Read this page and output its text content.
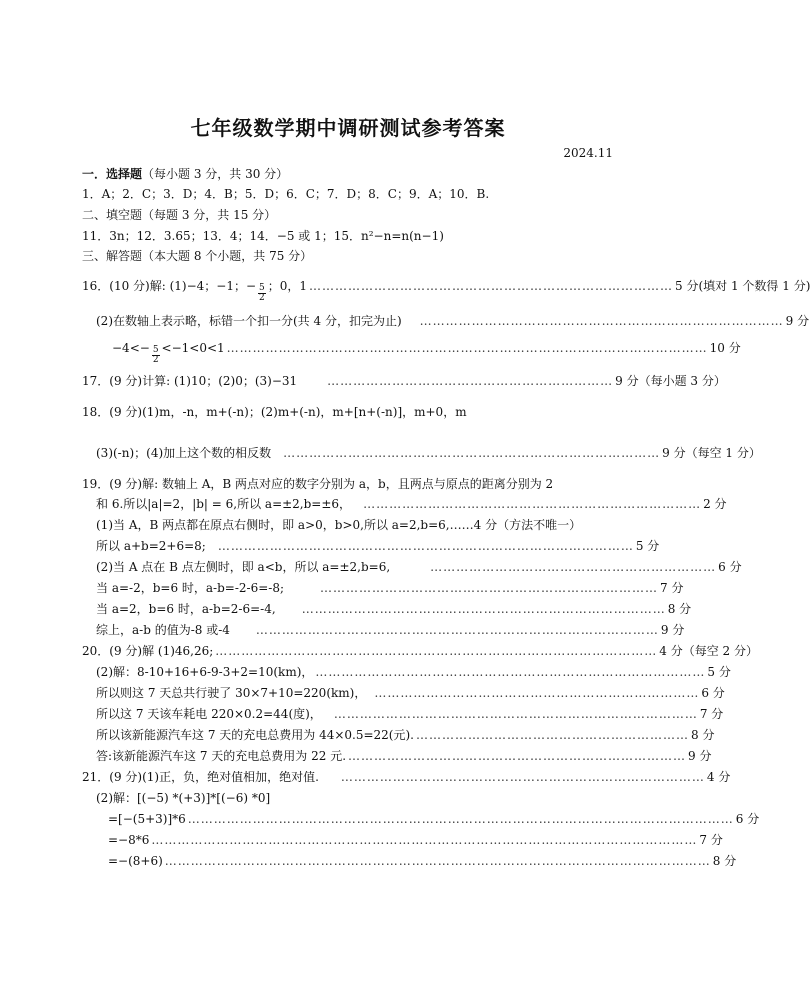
七年级数学期中调研测试参考答案
2024.11
一．选择题（每小题 3 分，共 30 分）
1．A；2．C；3．D；4．B；5．D；6．C；7．D；8．C；9．A；10．B.
二、填空题（每题 3 分，共 15 分）
11．3n；12．3.65；13．4；14．−5 或 1；15．n²−n=n(n−1)
三、解答题（本大题 8 个小题，共 75 分）
16．(10 分)解: (1)−4；−1；− $\frac{5}{2}$ ；0，1 ………………………………………………………………………… 5 分(填对 1 个数得 1 分)
(2)在数轴上表示略，标错一个扣一分(共 4 分，扣完为止) ………………………………………………………………………… 9 分
$-4<- \frac{5}{2} <-1<0<1$ ………………………………………………………………………………………………… 10 分
17．(9 分)计算: (1)10；(2)0；(3)−31	………………………………………………………… 9 分（每小题 3 分）
18．(9 分)(1)m，-n，m+(-n)；(2)m+(-n)，m+[n+(-n)]，m+0，m
(3)(-n)；(4)加上这个数的相反数 …………………………………………………………………………… 9 分（每空 1 分）
19．(9 分)解: 数轴上 A，B 两点对应的数字分别为 a，b，且两点与原点的距离分别为 2
和 6.所以|a|=2，|b| = 6,所以 a=±2,b=±6， …………………………………………………………………… 2 分
(1)当 A，B 两点都在原点右侧时，即 a>0，b>0,所以 a=2,b=6,……4 分（方法不唯一）
所以 a+b=2+6=8; …………………………………………………………………………………… 5 分
(2)当 A 点在 B 点左侧时，即 a<b，所以 a=±2,b=6,	………………………………………………………… 6 分
当 a=-2，b=6 时，a-b=-2-6=-8;	…………………………………………………………………… 7 分
当 a=2，b=6 时，a-b=2-6=-4, ………………………………………………………………………… 8 分
综上，a-b 的值为-8 或-4 ………………………………………………………………………………… 9 分
20．(9 分)解 (1)46,26; ………………………………………………………………………………………… 4 分（每空 2 分）
(2)解：8-10+16+6-9-3+2=10(km)， ……………………………………………………………………………… 5 分
所以则这 7 天总共行驶了 30×7+10=220(km)， ………………………………………………………………… 6 分
所以这 7 天该车耗电 220×0.2=44(度)， ………………………………………………………………………… 7 分
所以该新能源汽车这 7 天的充电总费用为 44×0.5=22(元). ……………………………………………………… 8 分
答:该新能源汽车这 7 天的充电总费用为 22 元. …………………………………………………………………… 9 分
21．(9 分)(1)正，负，绝对值相加，绝对值. ………………………………………………………………………… 4 分
(2)解：[(−5) *(+3)]*[(−6) *0]
=[−(5+3)]*6 ……………………………………………………………………………………………………………… 6 分
=−8*6 ……………………………………………………………………………………………………………… 7 分
=−(8+6) ……………………………………………………………………………………………………………… 8 分
